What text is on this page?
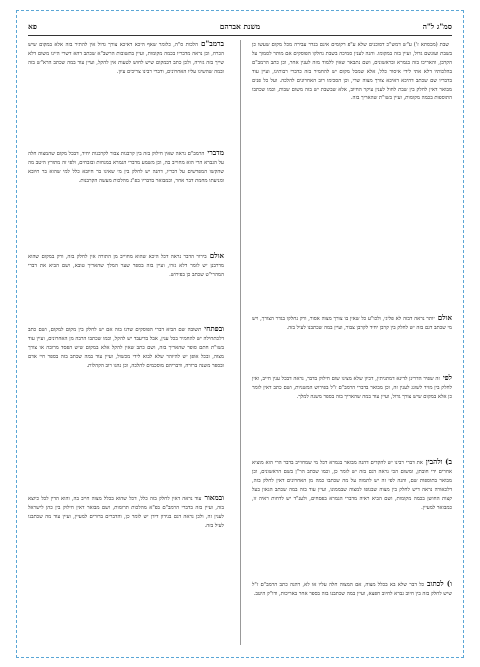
סמ"ג ל"ה
משנת אברהם
פא

שבת (מכסתא ז') ע"ש דמש"כ דסוכנים שלא ע"פ רקומים אינם בגדר עבירה מכל מקום שעשו כן בשבת ועונשם גדול, ועיין בזה במקומו. והנה לענין סמיכה בשבת נחלקו הפוסקים אם מותר לסמוך על הקרבן, והאריכו בזה בגמרא ובראשונים, ושם נתבאר שאין ללמוד מזה לענין אחר, וכן כתב הרמב"ם בהלכותיו דלא אתי לידי איסור כלל, אלא שמכל מקום יש להחמיר בזה כדברי רבותינו, ועיין עוד בדבריו שם שכתב דהיכא דאיכא צורך מצוה שרי, וכן הסכימו רוב האחרונים להלכה. ועל כל פנים מבואר דאין לחלק בין שבת לחול לענין עיקר החיוב, אלא שבשבת יש בזה משום שבות, וכמו שכתבו התוספות בכמה מקומות, ועיין בשו"ת שהאריך בזה.

אולםיותר נראה דבזה לא פליגי, ולכו"ע כל שאין בו צורך מצוה אסור, ורק נחלקו בגדר הצורך, ויש מי שכתב דגם בזה יש לחלק בין קרבן יחיד לקרבן צבור, ועיין במה שכתבנו לעיל בזה.

לפיזה שפיר הדרינן לדינא דמתניתין, דכיון שלא מצינו שום חילוק בדבר, נראה דבכל ענין חייב, ואין לחלק בין מזיד לשוגג לענין זה, וכן מבואר בדברי הרמב"ם ז"ל בפירוש המשניות, ושם כתב דאין לומר כן אלא במקום שיש צורך גדול, ועיין עוד במה שהאריך בזה בספר משנה למלך.

ב) ולהביןאת דברי רבינו יש להקדים דהנה מבואר בגמרא דכל מי שמחוייב בדבר הרי הוא מוציא אחרים ידי חובתן, ומשום הכי נראה דגם בזה יש לומר כן, וכמו שכתב הר"ן בשם הראשונים, וכן מבואר בתוספות שם, והנה לפי זה יש לתמוה על מה שכתבו כמה מן האחרונים דאין לחלק בזה, דלכאורה נראה דיש לחלק בין מצוה שבגופו למצוה שבממונו, ועיין עוד בזה במה שכתב הגאון בעל קצות החושן בכמה מקומות, ושם הביא ראיה מדברי הגמרא בפסחים, ולענ"ד יש לדחות ראיה זו, כמבואר למעיין.

ו) לכתובכל דבר שלא בא בכלל מצוה, אם המצוה חלה עליו או לא, דהנה כתב הרמב"ם ז"ל שיש לחלק בזה בין חיוב גברא לחיוב חפצא, ועיין במה שכתבנו בזה בספר אחר באריכות, ודו"ק היטב.

ברמב"םהלכות ס"ה, כלומר שאף היכא דאיכא צורך גדול אין להתיר בזה אלא במקום שיש הכרח, וכן נראה מדבריו בכמה מקומות, ועיין בתשובות הרשב"א שכתב דהא דשרי היינו משום דלא שייך בזה גזירה, ולכן כתב דבמקום שיש לחוש לטעות אין להקל, ועיין עוד במה שכתב הרא"ש בזה ובמה שהשיגו עליו האחרונים, ודברי רבינו צריכים עיון.

מדבריהרמב"ם נראה שאין חילוק בזה בין קרבנות צבור לקרבנות יחיד, דבכל מקום שהמצוה חלה על הגברא הרי הוא מחוייב בה, וכן משמע מדברי הגמרא במנחות ובזבחים, ולפי זה מתורץ היטב מה שהקשו המפרשים על דבריו, דהנה יש לחלק בין מי שאינו בר חיובא כלל למי שהוא בר חיובא ומניעתו מחמת דבר אחר, וכמבואר בדבריו בפ"ג מהלכות מעשה הקרבנות.

אולםבירור הדבר נראה דכל היכא שהוא מחוייב מן התורה אין לחלק בזה, ורק במקום שהוא מדרבנן יש לומר דלא גזרו, ועיין בזה בספר שער המלך שהאריך טובא, ושם הביא את דברי המהרי"ט שכתב כן בפירוש.

ובפתחיתשובה שם הביא דברי הפוסקים שדנו בזה אם יש לחלק בין מקום למקום, ושם כתב דלכתחילה יש להחמיר בכל ענין, אבל בדיעבד יש להקל, וכמו שכתבו הרבה מן האחרונים, ועיין עוד בשו"ת חתם סופר שהאריך בזה, ושם כתב שאין להקל אלא במקום שיש הפסד מרובה או צורך מצוה, ובכל אופן יש להיזהר שלא לבוא לידי מכשול, ועיין עוד במה שכתב בזה בספר חיי אדם ובספר משנה ברורה, ודבריהם מוסכמים להלכה, וכן נהגו רוב הקהלות.

ובמאורעוד נראה דאין לחלק בזה כלל, דכל שהוא בכלל מצוה חייב בה, והוא הדין לכל כיוצא בזה, ועיין בזה בדברי הרמב"ם בפ"א מהלכות תרומות, ושם מבואר דאין חילוק בין כהן לישראל לענין זה, ולכן נראה דגם בנידון דידן יש לומר כן, והדברים ברורים למעיין, ועיין עוד מה שכתבנו לעיל בזה.
